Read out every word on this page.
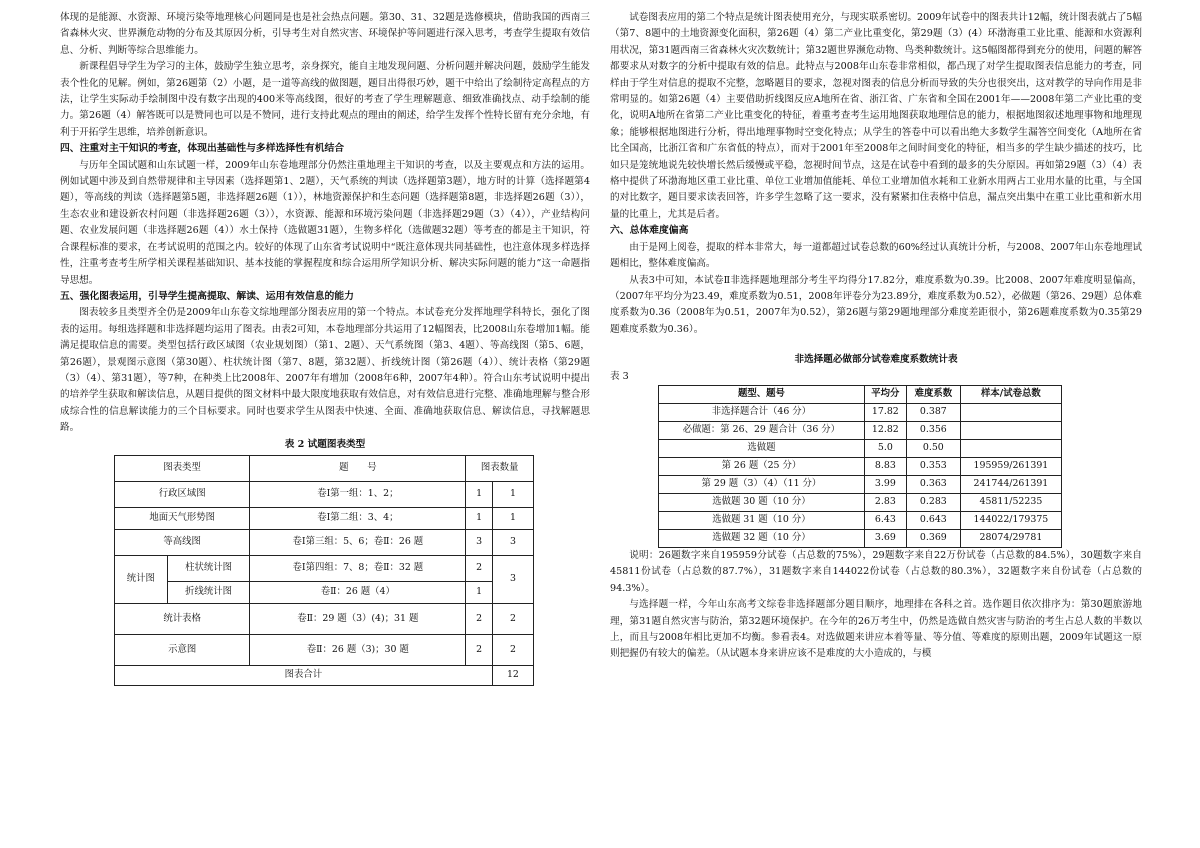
体现的是能源、水资源、环境污染等地理核心问题同是也是社会热点问题。第30、31、32题是选修模块，借助我国的西南三省森林火灾、世界濒危动物的分布及其原因分析，引导考生对自然灾害、环境保护等问题进行深入思考，考查学生提取有效信息、分析、判断等综合思维能力。

新课程倡导学生为学习的主体，鼓励学生独立思考，亲身探究，能自主地发现问题、分析问题并解决问题，鼓励学生能发表个性化的见解。例如，第26题第（2）小题，是一道等高线的做图题，题目出得很巧妙，题干中给出了绘制待定高程点的方法，让学生实际动手绘制图中没有数字出现的400米等高线图，很好的考查了学生理解题意、细致准确找点、动手绘制的能力。第26题（4）解答既可以是赞同也可以是不赞同，进行支持此观点的理由的阐述，给学生发挥个性特长留有充分余地，有利于开拓学生思维，培养创新意识。

四、注重对主干知识的考查，体现出基础性与多样选择性有机结合

与历年全国试题和山东试题一样，2009年山东卷地理部分仍然注重地理主干知识的考查，以及主要观点和方法的运用。例如试题中涉及到自然带规律和主导因素（选择题第1、2题），天气系统的判读（选择题第3题），地方时的计算（选择题第4题），等高线的判读（选择题第5题，非选择题26题（1）），林地资源保护和生态问题（选择题第8题，非选择题26题（3）），生态农业和建设新农村问题（非选择题26题（3）），水资源、能源和环境污染问题（非选择题29题（3）（4）），产业结构问题、农业发展问题（非选择题26题（4））水土保持（选做题31题），生物多样化（选做题32题）等考查的都是主干知识，符合课程标准的要求，在考试说明的范围之内。较好的体现了山东省考试说明中“既注意体现共同基础性，也注意体现多样选择性，注重考查考生所学相关课程基础知识、基本技能的掌握程度和综合运用所学知识分析、解决实际问题的能力”这一命题指导思想。

五、强化图表运用，引导学生提高提取、解读、运用有效信息的能力

图表较多且类型齐全仍是2009年山东卷文综地理部分图表应用的第一个特点。本试卷充分发挥地理学科特长，强化了图表的运用。每组选择题和非选择题均运用了图表。由表2可知，本卷地理部分共运用了12幅图表，比2008山东卷增加1幅。能满足提取信息的需要。类型包括行政区域图（农业规划图）（第1、2题）、天气系统图（第3、4题）、等高线图（第5、6题，第26题），景观图示意图（第30题）、柱状统计图（第7、8题，第32题）、折线统计图（第26题（4））、统计表格（第29题（3）（4）、第31题），等7种，在种类上比2008年、2007年有增加（2008年6种，2007年4种）。符合山东考试说明中提出的培养学生获取和解读信息，从题目提供的图文材料中最大限度地获取有效信息，对有效信息进行完整、准确地理解与整合形成综合性的信息解读能力的三个目标要求。同时也要求学生从图表中快速、全面、准确地获取信息、解读信息，寻找解题思路。

表 2 试题图表类型
图表类型		题　　号	图表数量	
行政区域图		卷Ⅰ第一组：1、2；	1	1
地面天气形势图		卷Ⅰ第二组：3、4；	1	1
等高线图		卷Ⅰ第三组：5、6；卷Ⅱ：26 题	3	3
统计图	柱状统计图	卷Ⅰ第四组：7、8；卷Ⅱ：32 题	2	3
	折线统计图	卷Ⅱ：26 题（4）	1	
统计表格		卷Ⅱ：29 题（3）(4)；31 题	2	2
示意图		卷Ⅱ：26 题（3)；30 题	2	2
图表合计				12

试卷图表应用的第二个特点是统计图表使用充分，与现实联系密切。2009年试卷中的图表共计12幅，统计图表就占了5幅（第7、8题中的土地资源变化面积，第26题（4）第二产业比重变化，第29题（3）(4）环渤海重工业比重、能源和水资源利用状况，第31题西南三省森林火灾次数统计；第32题世界濒危动物、鸟类种数统计。这5幅图都得到充分的使用，问题的解答都要求从对数字的分析中提取有效的信息。此特点与2008年山东卷非常相似，都凸现了对学生提取图表信息能力的考查，同样由于学生对信息的提取不完整，忽略题目的要求，忽视对图表的信息分析而导致的失分也很突出，这对教学的导向作用是非常明显的。如第26题（4）主要借助折线图反应A地所在省、浙江省、广东省和全国在2001年——2008年第二产业比重的变化，说明A地所在省第二产业比重变化的特征，着重考查考生运用地图获取地理信息的能力，根据地图叙述地理事物和地理现象；能够根据地图进行分析，得出地理事物时空变化特点；从学生的答卷中可以看出绝大多数学生漏答空间变化（A地所在省比全国高，比浙江省和广东省低的特点），而对于2001年至2008年之间时间变化的特征，相当多的学生缺少描述的技巧，比如只是笼统地说先较快增长然后缓慢或平稳，忽视时间节点，这是在试卷中看到的最多的失分原因。再如第29题（3）（4）表格中提供了环渤海地区重工业比重、单位工业增加值能耗、单位工业增加值水耗和工业新水用两占工业用水量的比重，与全国的对比数字，题目要求读表回答，许多学生忽略了这一要求，没有紧紧扣住表格中信息，漏点突出集中在重工业比重和新水用量的比重上，尤其是后者。

六、总体难度偏高

由于是网上阅卷，提取的样本非常大，每一道都超过试卷总数的60%经过认真统计分析，与2008、2007年山东卷地理试题相比，整体难度偏高。

从表3中可知，本试卷Ⅱ非选择题地理部分考生平均得分17.82分，难度系数为0.39。比2008、2007年难度明显偏高，（2007年平均分为23.49，难度系数为0.51，2008年评卷分为23.89分，难度系数为0.52），必做题（第26、29题）总体难度系数为0.36（2008年为0.51，2007年为0.52），第26题与第29题地理部分难度差距很小，第26题难度系数为0.35第29题难度系数为0.36）。

非选择题必做部分试卷难度系数统计表
表 3
题型、题号	平均分	难度系数	样本/试卷总数
非选择题合计（46 分）	17.82	0.387	
必做题：第 26、29 题合计（36 分）	12.82	0.356	
选做题	5.0	0.50	
第 26 题（25 分）	8.83	0.353	195959/261391
第 29 题（3）（4）（11 分）	3.99	0.363	241744/261391
选做题 30 题（10 分）	2.83	0.283	45811/52235
选做题 31 题（10 分）	6.43	0.643	144022/179375
选做题 32 题（10 分）	3.69	0.369	28074/29781

说明：26题数字来自195959分试卷（占总数的75%），29题数字来自22万份试卷（占总数的84.5%），30题数字来自45811份试卷（占总数的87.7%），31题数字来自144022份试卷（占总数的80.3%），32题数字来自份试卷（占总数的94.3%）。

与选择题一样，今年山东高考文综卷非选择题部分题目顺序，地理排在各科之首。选作题目依次排序为：第30题旅游地理，第31题自然灾害与防治，第32题环境保护。在今年的26万考生中，仍然是选做自然灾害与防治的考生占总人数的半数以上，而且与2008年相比更加不均衡。参看表4。对选做题来讲应本着等量、等分值、等难度的原则出题，2009年试题这一原则把握仍有较大的偏差。（从试题本身来讲应该不是难度的大小造成的，与模
